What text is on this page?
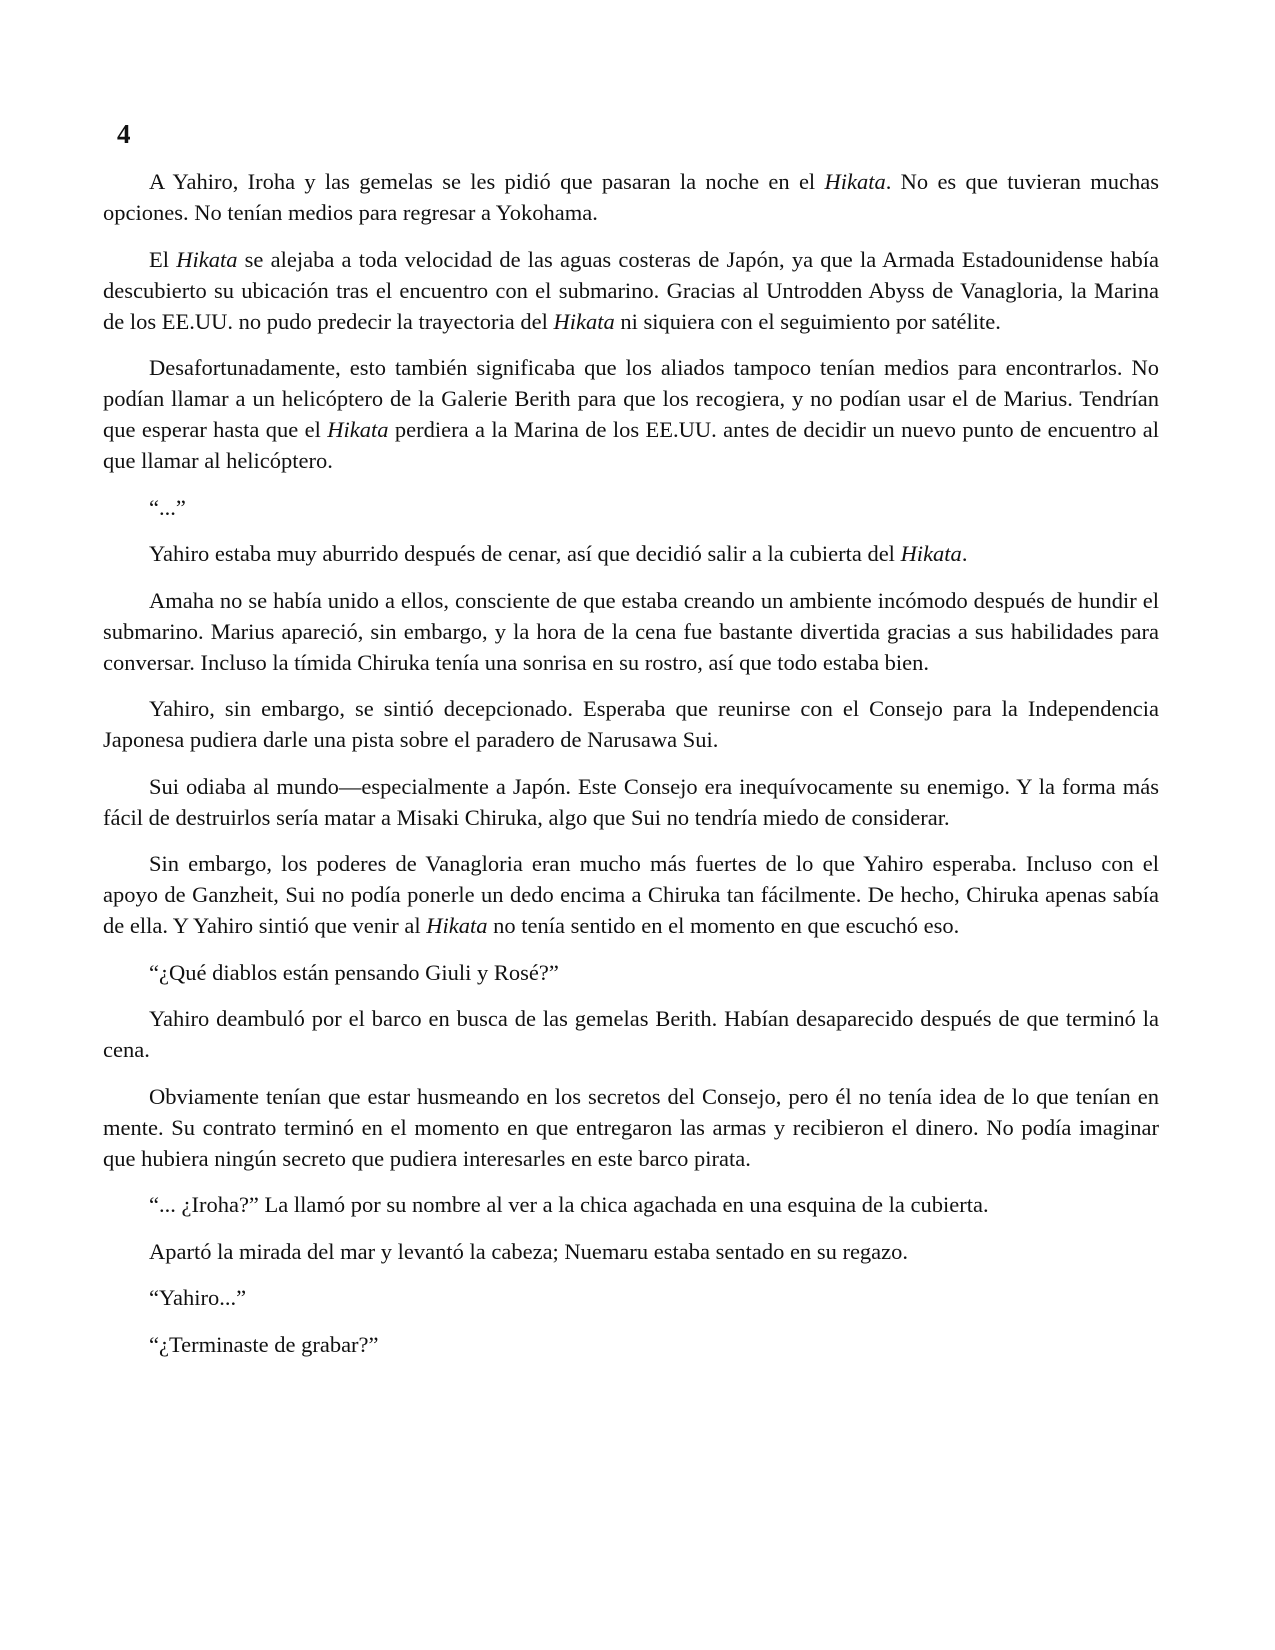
4

A Yahiro, Iroha y las gemelas se les pidió que pasaran la noche en el Hikata. No es que tuvieran muchas opciones. No tenían medios para regresar a Yokohama.

El Hikata se alejaba a toda velocidad de las aguas costeras de Japón, ya que la Armada Estadounidense había descubierto su ubicación tras el encuentro con el submarino. Gracias al Untrodden Abyss de Vanagloria, la Marina de los EE.UU. no pudo predecir la trayectoria del Hikata ni siquiera con el seguimiento por satélite.

Desafortunadamente, esto también significaba que los aliados tampoco tenían medios para encontrarlos. No podían llamar a un helicóptero de la Galerie Berith para que los recogiera, y no podían usar el de Marius. Tendrían que esperar hasta que el Hikata perdiera a la Marina de los EE.UU. antes de decidir un nuevo punto de encuentro al que llamar al helicóptero.

“...”

Yahiro estaba muy aburrido después de cenar, así que decidió salir a la cubierta del Hikata.

Amaha no se había unido a ellos, consciente de que estaba creando un ambiente incómodo después de hundir el submarino. Marius apareció, sin embargo, y la hora de la cena fue bastante divertida gracias a sus habilidades para conversar. Incluso la tímida Chiruka tenía una sonrisa en su rostro, así que todo estaba bien.

Yahiro, sin embargo, se sintió decepcionado. Esperaba que reunirse con el Consejo para la Independencia Japonesa pudiera darle una pista sobre el paradero de Narusawa Sui.

Sui odiaba al mundo—especialmente a Japón. Este Consejo era inequívocamente su enemigo. Y la forma más fácil de destruirlos sería matar a Misaki Chiruka, algo que Sui no tendría miedo de considerar.

Sin embargo, los poderes de Vanagloria eran mucho más fuertes de lo que Yahiro esperaba. Incluso con el apoyo de Ganzheit, Sui no podía ponerle un dedo encima a Chiruka tan fácilmente. De hecho, Chiruka apenas sabía de ella. Y Yahiro sintió que venir al Hikata no tenía sentido en el momento en que escuchó eso.

“¿Qué diablos están pensando Giuli y Rosé?”

Yahiro deambuló por el barco en busca de las gemelas Berith. Habían desaparecido después de que terminó la cena.

Obviamente tenían que estar husmeando en los secretos del Consejo, pero él no tenía idea de lo que tenían en mente. Su contrato terminó en el momento en que entregaron las armas y recibieron el dinero. No podía imaginar que hubiera ningún secreto que pudiera interesarles en este barco pirata.

“... ¿Iroha?” La llamó por su nombre al ver a la chica agachada en una esquina de la cubierta.

Apartó la mirada del mar y levantó la cabeza; Nuemaru estaba sentado en su regazo.

“Yahiro...”

“¿Terminaste de grabar?”
